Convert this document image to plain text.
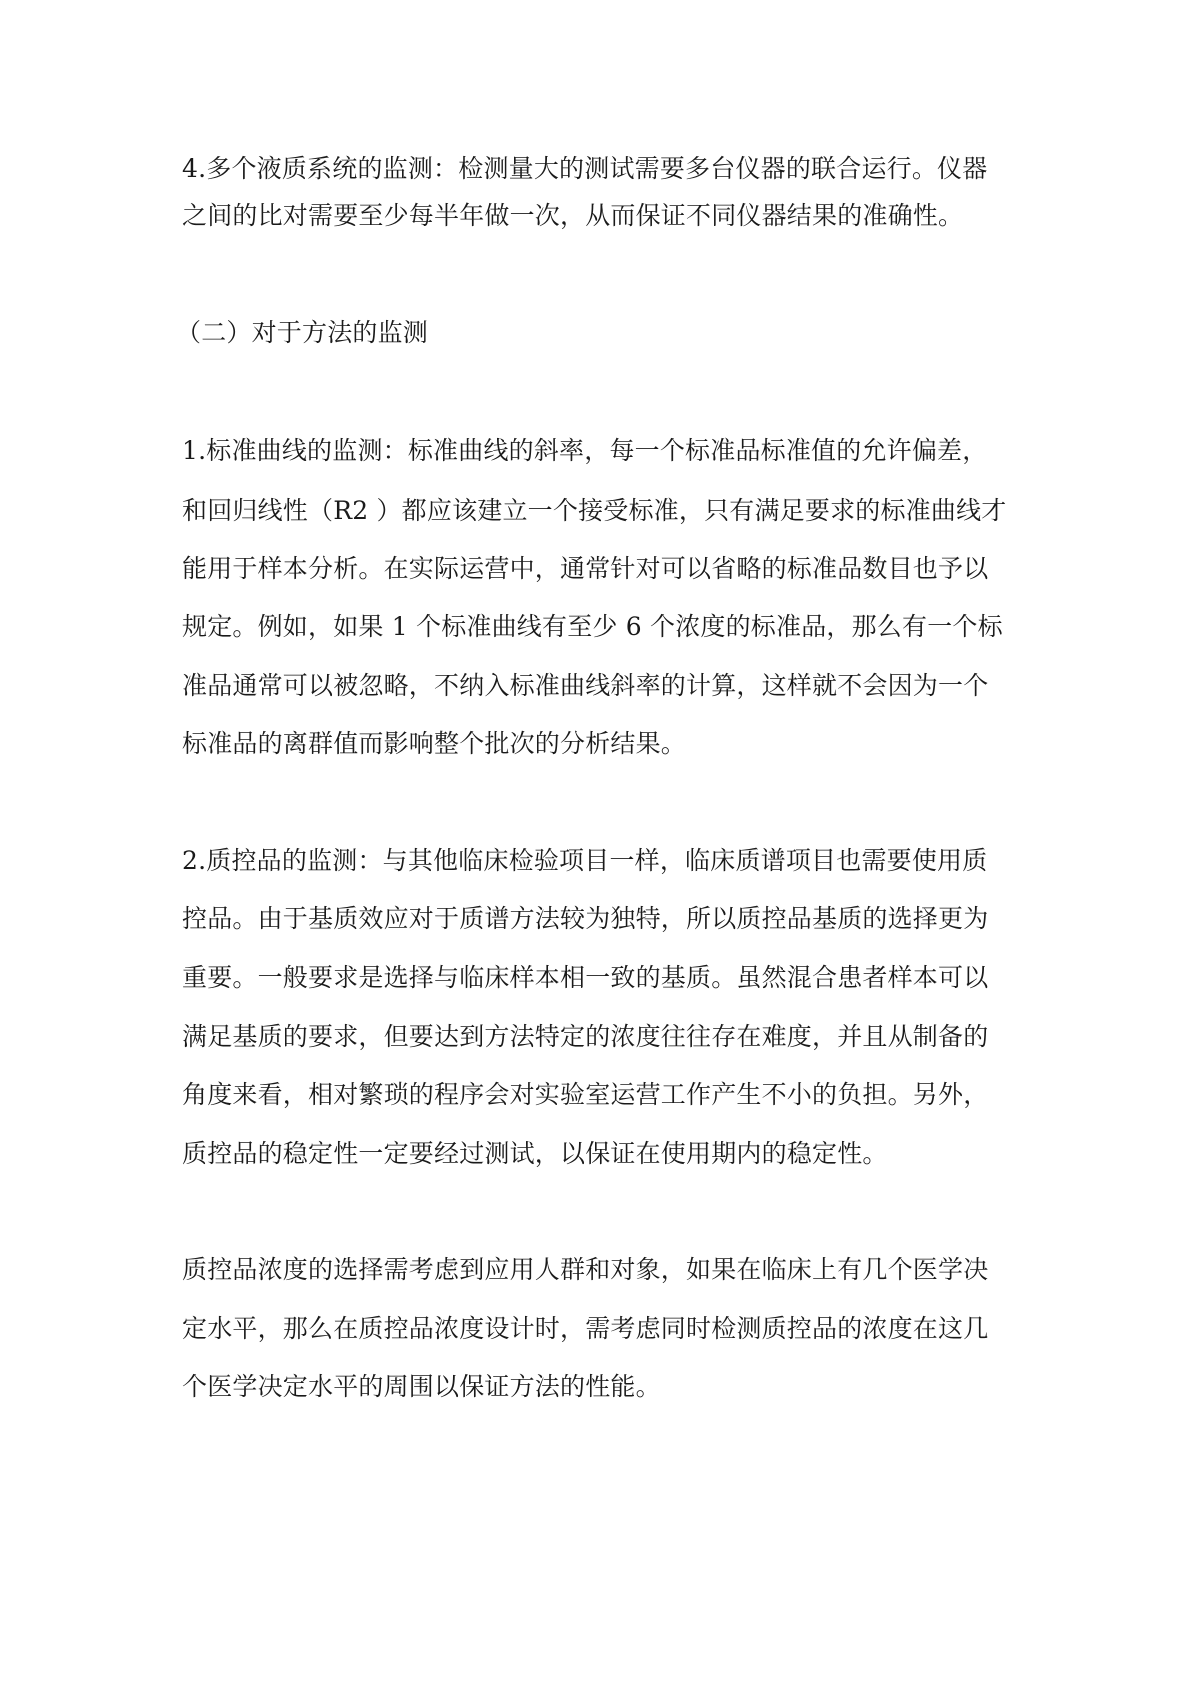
4.多个液质系统的监测：检测量大的测试需要多台仪器的联合运行。仪器
之间的比对需要至少每半年做一次，从而保证不同仪器结果的准确性。
（二）对于方法的监测
1.标准曲线的监测：标准曲线的斜率，每一个标准品标准值的允许偏差，
和回归线性（R2 ）都应该建立一个接受标准，只有满足要求的标准曲线才
能用于样本分析。在实际运营中，通常针对可以省略的标准品数目也予以
规定。例如，如果 1 个标准曲线有至少 6 个浓度的标准品，那么有一个标
准品通常可以被忽略，不纳入标准曲线斜率的计算，这样就不会因为一个
标准品的离群值而影响整个批次的分析结果。
2.质控品的监测：与其他临床检验项目一样，临床质谱项目也需要使用质
控品。由于基质效应对于质谱方法较为独特，所以质控品基质的选择更为
重要。一般要求是选择与临床样本相一致的基质。虽然混合患者样本可以
满足基质的要求，但要达到方法特定的浓度往往存在难度，并且从制备的
角度来看，相对繁琐的程序会对实验室运营工作产生不小的负担。另外，
质控品的稳定性一定要经过测试，以保证在使用期内的稳定性。
质控品浓度的选择需考虑到应用人群和对象，如果在临床上有几个医学决
定水平，那么在质控品浓度设计时，需考虑同时检测质控品的浓度在这几
个医学决定水平的周围以保证方法的性能。
